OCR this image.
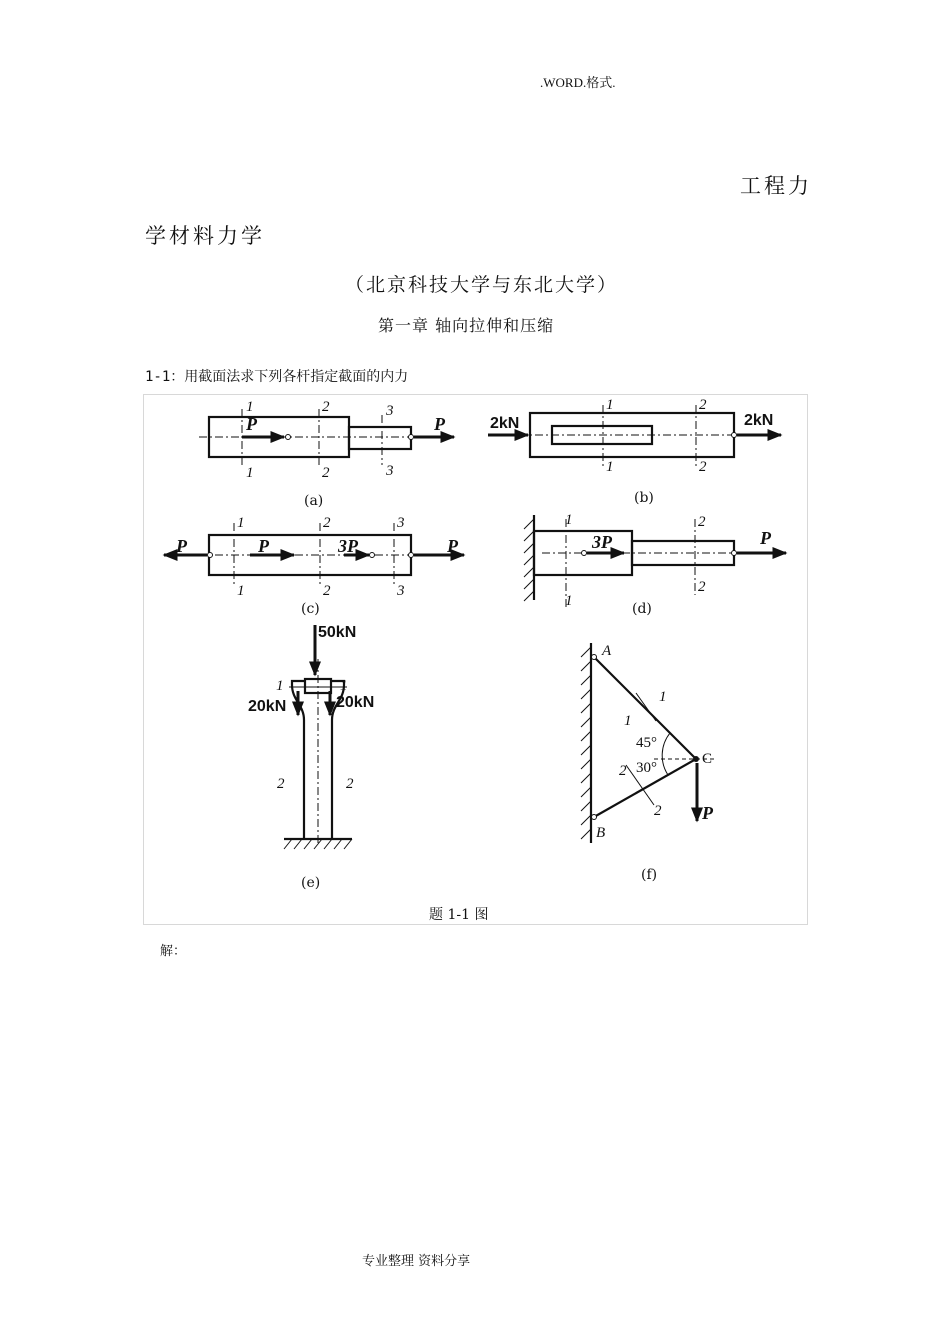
.WORD.格式.
工程力
学材料力学
（北京科技大学与东北大学）
第一章 轴向拉伸和压缩
1-1：用截面法求下列各杆指定截面的内力
P	P
1
1
2
2
3
3
(a)
2kN	2kN
1
1
2
2
(b)
P	P	3P	P
1
1
2
2
3
3
(c)
3P	P
1
1
2
2
(d)
50kN
20kN	20kN
1	1
2	2
(e)
A
B
C
P
45°
30°
1
1
2
2
(f)
题 1-1 图
解：
专业整理 资料分享
